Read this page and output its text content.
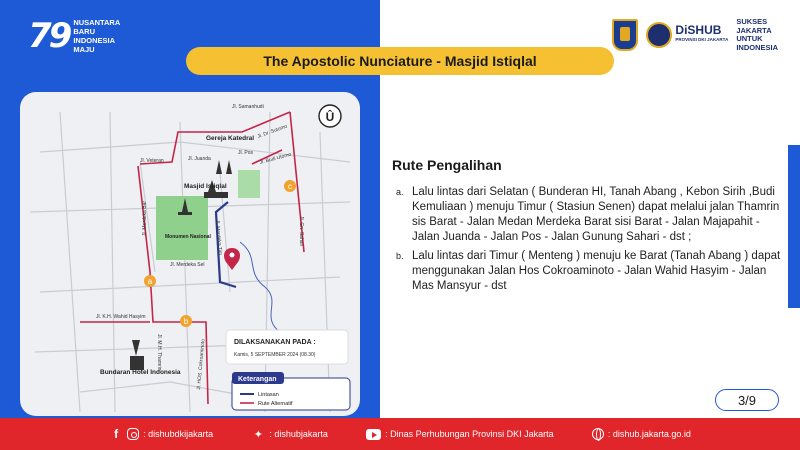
79 NUSANTARA
BARU
INDONESIA
MAJU
DiSHUB
PROVINSI DKI JAKARTA
SUKSES
JAKARTA
UNTUK
INDONESIA
The Apostolic Nunciature - Masjid Istiqlal
a
b
c
Û
Jl. Samanhudi
Jl. Dr. Sutomo
Jl. Juanda
Jl. Pos Jl. Budi Utomo
Jl. Veteran
Jl. Merdeka Bar	Jl. Gn. Sahari
Jl. Merdeka Tim
Jl. Merdeka Sel
Jl. K.H. Wahid Hasyim
Jl. M.H. Thamrin	Jl. HOS. Cokroaminoto
Gereja Katedral
Masjid Istiqlal
Monumen Nasional
Bundaran Hotel Indonesia
DILAKSANAKAN PADA :
Kamis, 5 SEPTEMBER 2024 (08.30)
Keterangan
Lintasan
Rute Alternatif
Rute Pengalihan
a. Lalu lintas dari Selatan ( Bunderan HI, Tanah Abang , Kebon Sirih ,Budi Kemuliaan ) menuju Timur ( Stasiun Senen) dapat melalui jalan Thamrin sis Barat - Jalan Medan Merdeka Barat sisi Barat - Jalan Majapahit - Jalan Juanda - Jalan Pos - Jalan Gunung Sahari - dst ;
b. Lalu lintas dari Timur ( Menteng ) menuju ke Barat (Tanah Abang ) dapat menggunakan Jalan Hos Cokroaminoto - Jalan Wahid Hasyim - Jalan Mas Mansyur - dst
3/9
f	: dishubdkijakarta	✦ : dishubjakarta	: Dinas Perhubungan Provinsi DKI Jakarta	: dishub.jakarta.go.id
